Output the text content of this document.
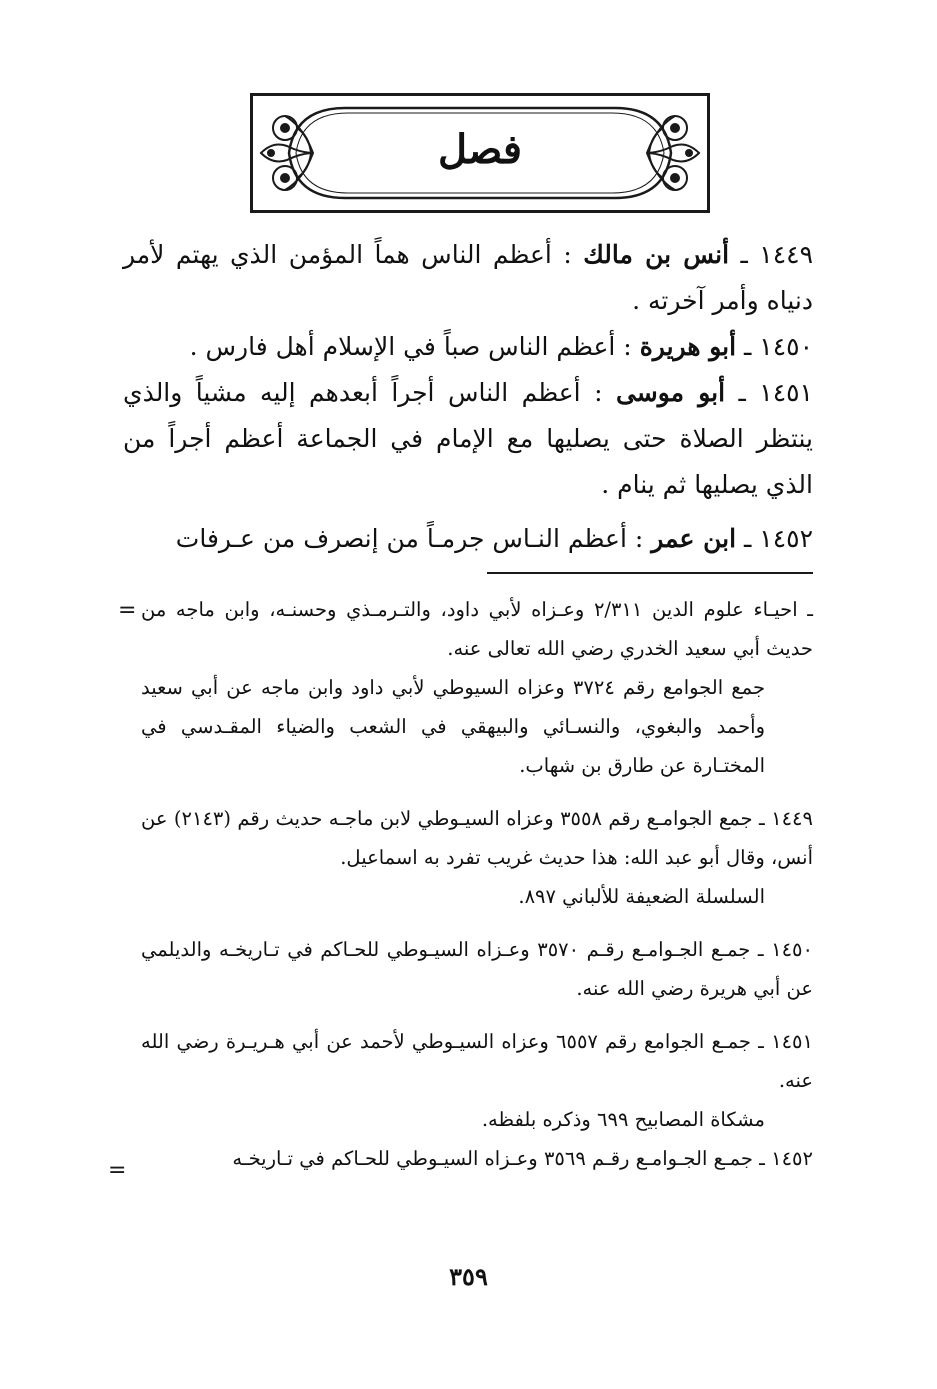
فصل

١٤٤٩ ـ أنس بن مالك : أعظم الناس هماً المؤمن الذي يهتم لأمر دنياه وأمر آخرته .

١٤٥٠ ـ أبو هريرة : أعظم الناس صباً في الإسلام أهل فارس .

١٤٥١ ـ أبو موسى : أعظم الناس أجراً أبعدهم إليه مشياً والذي ينتظر الصلاة حتى يصليها مع الإمام في الجماعة أعظم أجراً من الذي يصليها ثم ينام .

١٤٥٢ ـ ابن عمر : أعظم النـاس جرمـاً من إنصرف من عـرفات

= ـ احيـاء علوم الدين ٢/٣١١ وعـزاه لأبي داود، والتـرمـذي وحسنـه، وابن ماجه من حديث أبي سعيد الخدري رضي الله تعالى عنه.

جمع الجوامع رقم ٣٧٢٤ وعزاه السيوطي لأبي داود وابن ماجه عن أبي سعيد وأحمد والبغوي، والنسـائي والبيهقي في الشعب والضياء المقـدسي في المختـارة عن طارق بن شهاب.

١٤٤٩ ـ جمع الجوامـع رقم ٣٥٥٨ وعزاه السيـوطي لابن ماجـه حديث رقم (٢١٤٣) عن أنس، وقال أبو عبد الله: هذا حديث غريب تفرد به اسماعيل.

السلسلة الضعيفة للألباني ٨٩٧.

١٤٥٠ ـ جمـع الجـوامـع رقـم ٣٥٧٠ وعـزاه السيـوطي للحـاكم في تـاريخـه والديلمي عن أبي هريرة رضي الله عنه.

١٤٥١ ـ جمـع الجوامع رقم ٦٥٥٧ وعزاه السيـوطي لأحمد عن أبي هـريـرة رضي الله عنه.

مشكاة المصابيح ٦٩٩ وذكره بلفظه.

١٤٥٢ ـ جمـع الجـوامـع رقـم ٣٥٦٩ وعـزاه السيـوطي للحـاكم في تـاريخـه

=
٣٥٩
